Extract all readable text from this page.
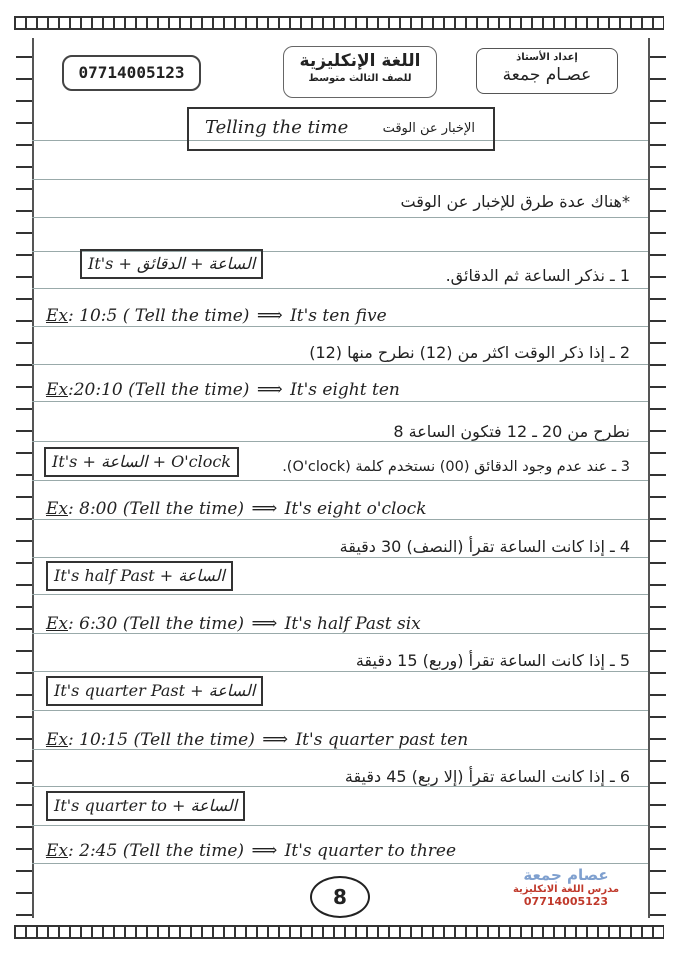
07714005123
اللغة الإنكليزية
للصف الثالث متوسط
إعداد الأستاذ
عصـام جمعة
Telling the time	الإخبار عن الوقت
*هناك عدة طرق للإخبار عن الوقت
It's + الساعة + الدقائق
1 ـ نذكر الساعة ثم الدقائق.
Ex: 10:5 ( Tell the time) ⟹ It's ten five
2 ـ إذا ذكر الوقت اكثر من (12) نطرح منها (12)
Ex:20:10 (Tell the time) ⟹ It's eight ten
نطرح من 20 ـ 12 فتكون الساعة 8
It's + الساعة + O'clock	3 ـ عند عدم وجود الدقائق (00) نستخدم كلمة (O'clock).
Ex: 8:00 (Tell the time) ⟹ It's eight o'clock
4 ـ إذا كانت الساعة تقرأ (النصف) 30 دقيقة
It's half Past + الساعة
Ex: 6:30 (Tell the time) ⟹ It's half Past six
5 ـ إذا كانت الساعة تقرأ (وربع) 15 دقيقة
It's quarter Past + الساعة
Ex: 10:15 (Tell the time) ⟹ It's quarter past ten
6 ـ إذا كانت الساعة تقرأ (إلا ربع) 45 دقيقة
It's quarter to + الساعة
Ex: 2:45 (Tell the time) ⟹ It's quarter to three
8
عصام جمعة
مدرس اللغة الانكليزية
07714005123
